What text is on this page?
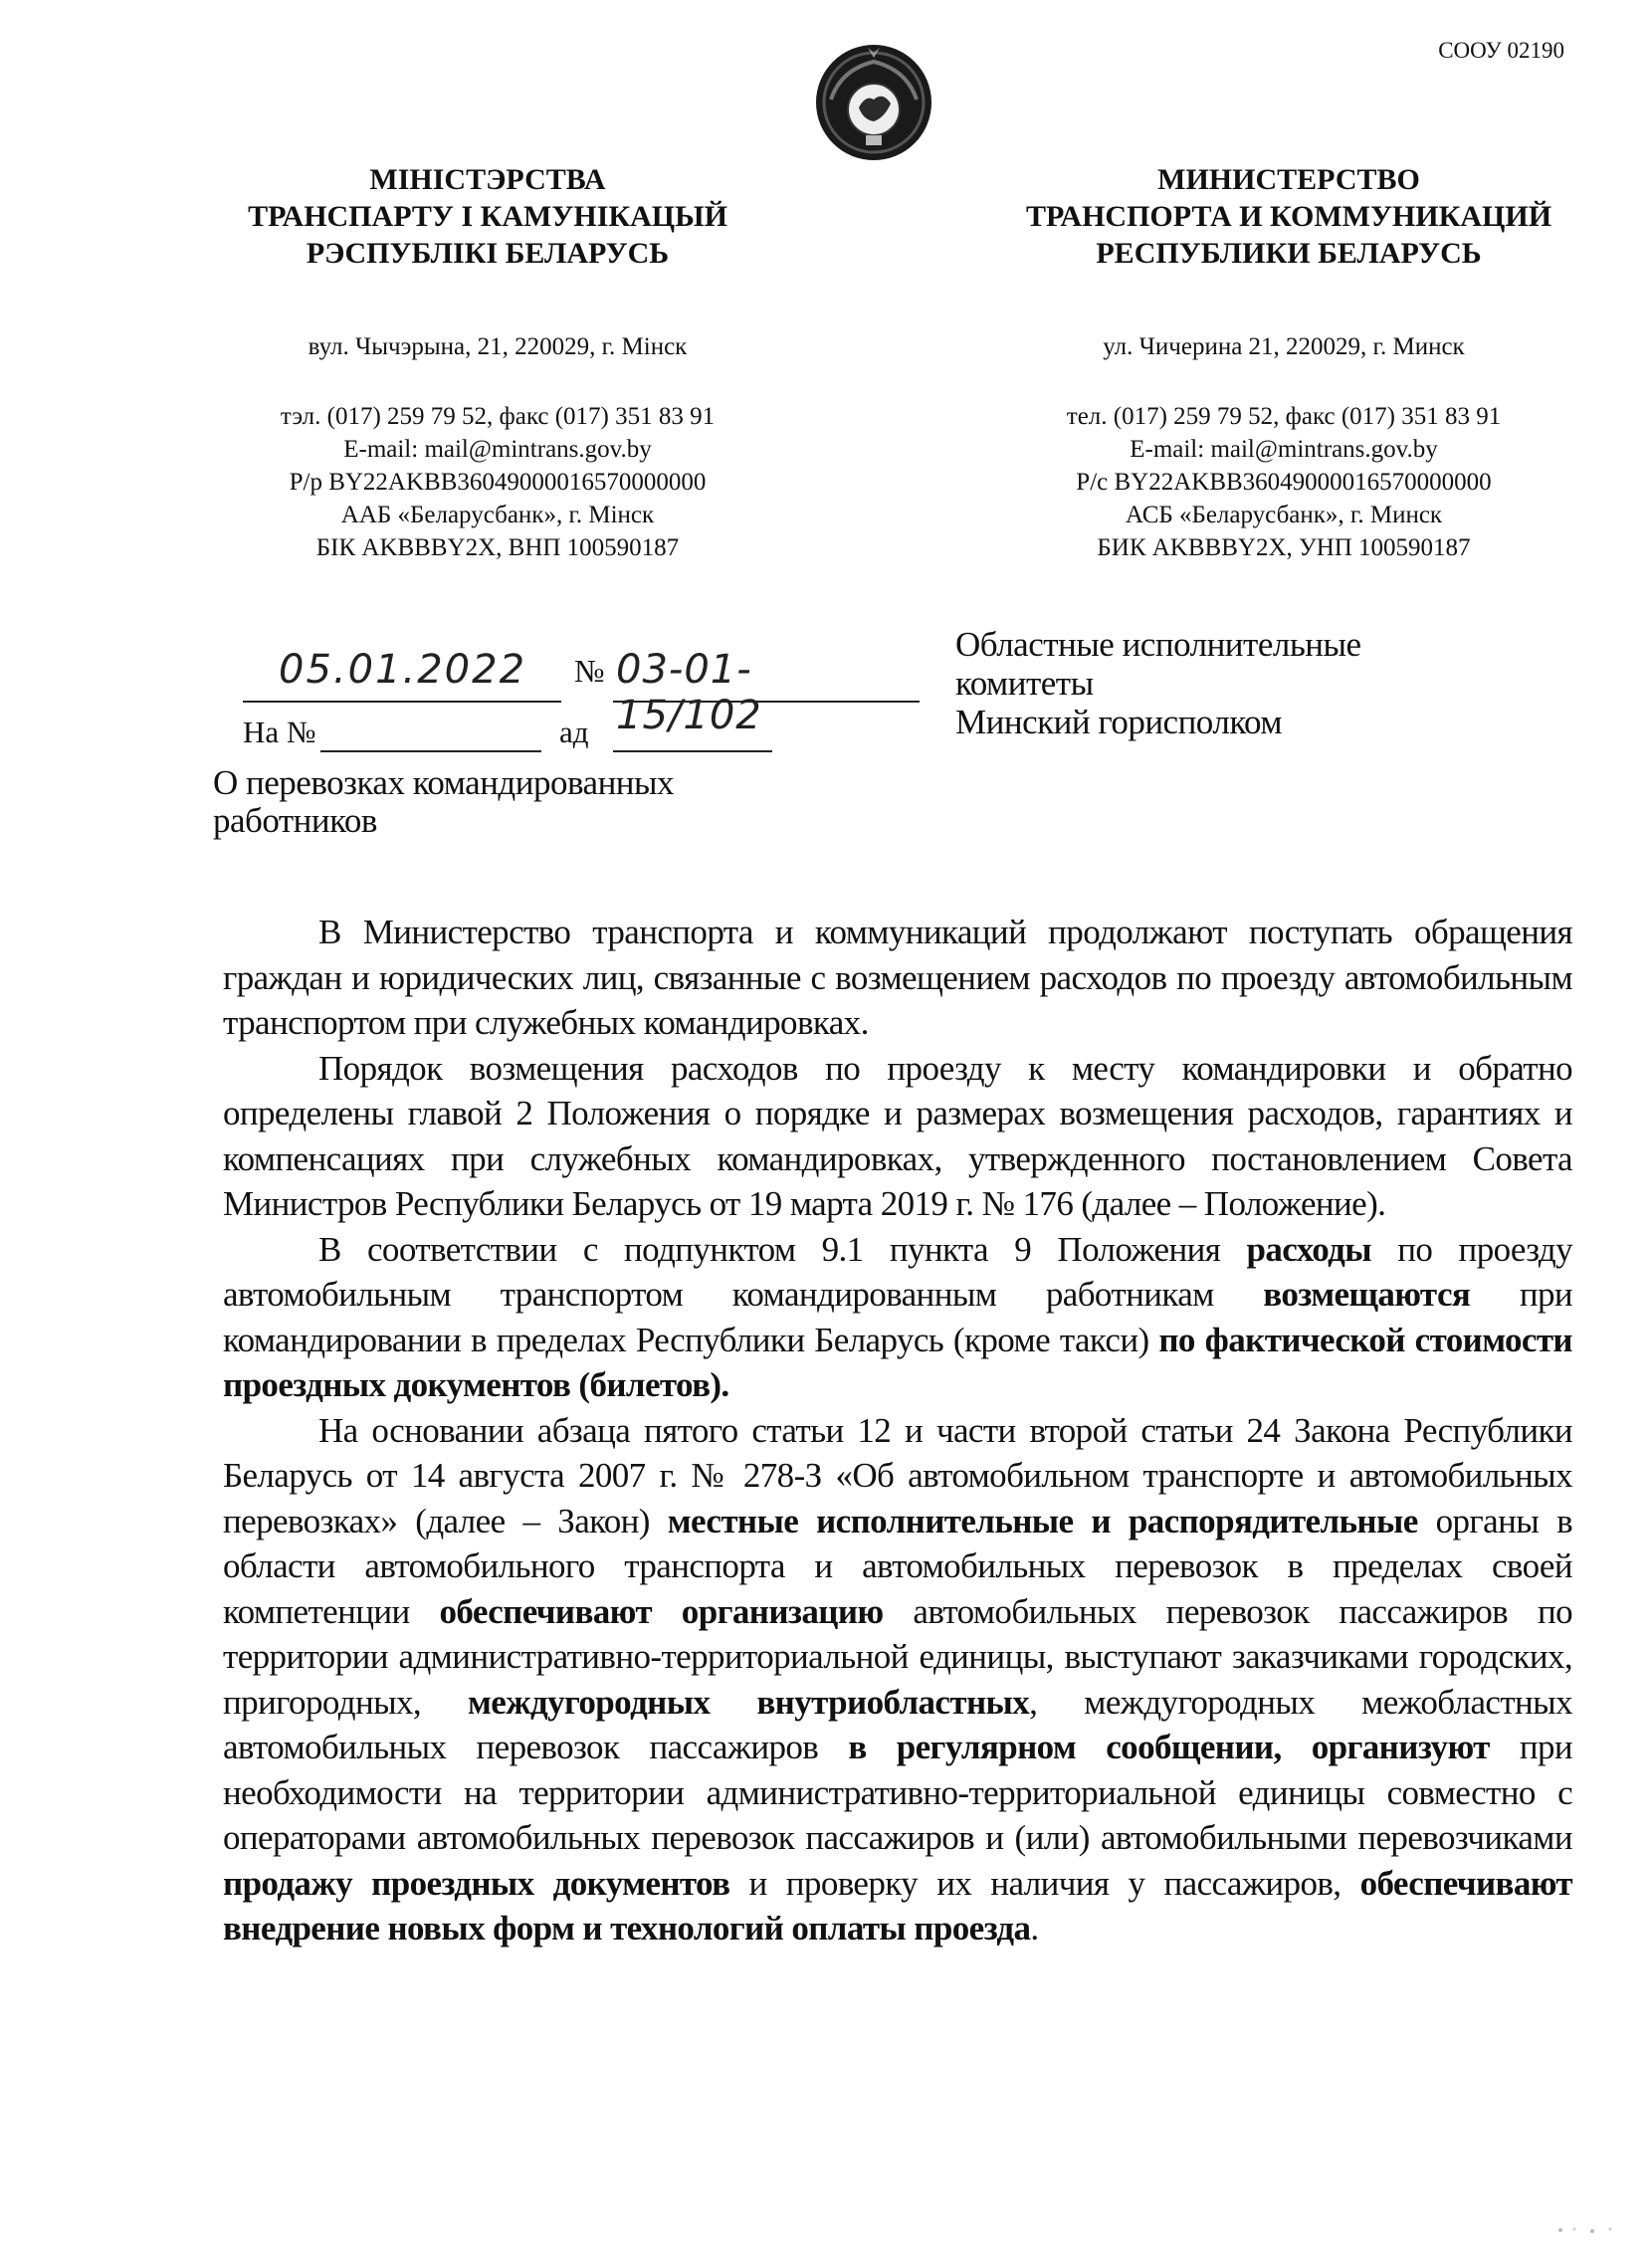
СООУ 02190
МІНІСТЭРСТВА
ТРАНСПАРТУ І КАМУНІКАЦЫЙ
РЭСПУБЛІКІ БЕЛАРУСЬ
МИНИСТЕРСТВО
ТРАНСПОРТА И КОММУНИКАЦИЙ
РЕСПУБЛИКИ БЕЛАРУСЬ
вул. Чычэрына, 21, 220029, г. Мінск
тэл. (017) 259 79 52, факс (017) 351 83 91
E-mail: mail@mintrans.gov.by
Р/р BY22AKBB36049000016570000000
ААБ «Беларусбанк», г. Мінск
БІК AKBBBY2X, ВНП 100590187
ул. Чичерина 21, 220029, г. Минск
тел. (017) 259 79 52, факс (017) 351 83 91
E-mail: mail@mintrans.gov.by
Р/с BY22AKBB36049000016570000000
АСБ «Беларусбанк», г. Минск
БИК AKBBBY2X, УНП 100590187
05.01.2022 № 03-01-15/102
На №	ад
Областные исполнительные
комитеты
Минский горисполком
О перевозках командированных
работников

В Министерство транспорта и коммуникаций продолжают поступать обращения граждан и юридических лиц, связанные с возмещением расходов по проезду автомобильным транспортом при служебных командировках.

Порядок возмещения расходов по проезду к месту командировки и обратно определены главой 2 Положения о порядке и размерах возмещения расходов, гарантиях и компенсациях при служебных командировках, утвержденного постановлением Совета Министров Республики Беларусь от 19 марта 2019 г. № 176 (далее – Положение).

В соответствии с подпунктом 9.1 пункта 9 Положения расходы по проезду автомобильным транспортом командированным работникам возмещаются при командировании в пределах Республики Беларусь (кроме такси) по фактической стоимости проездных документов (билетов).

На основании абзаца пятого статьи 12 и части второй статьи 24 Закона Республики Беларусь от 14 августа 2007 г. № 278-З «Об автомобильном транспорте и автомобильных перевозках» (далее – Закон) местные исполнительные и распорядительные органы в области автомобильного транспорта и автомобильных перевозок в пределах своей компетенции обеспечивают организацию автомобильных перевозок пассажиров по территории административно-территориальной единицы, выступают заказчиками городских, пригородных, междугородных внутриобластных, междугородных межобластных автомобильных перевозок пассажиров в регулярном сообщении, организуют при необходимости на территории административно-территориальной единицы совместно с операторами автомобильных перевозок пассажиров и (или) автомобильными перевозчиками продажу проездных документов и проверку их наличия у пассажиров, обеспечивают внедрение новых форм и технологий оплаты проезда.
